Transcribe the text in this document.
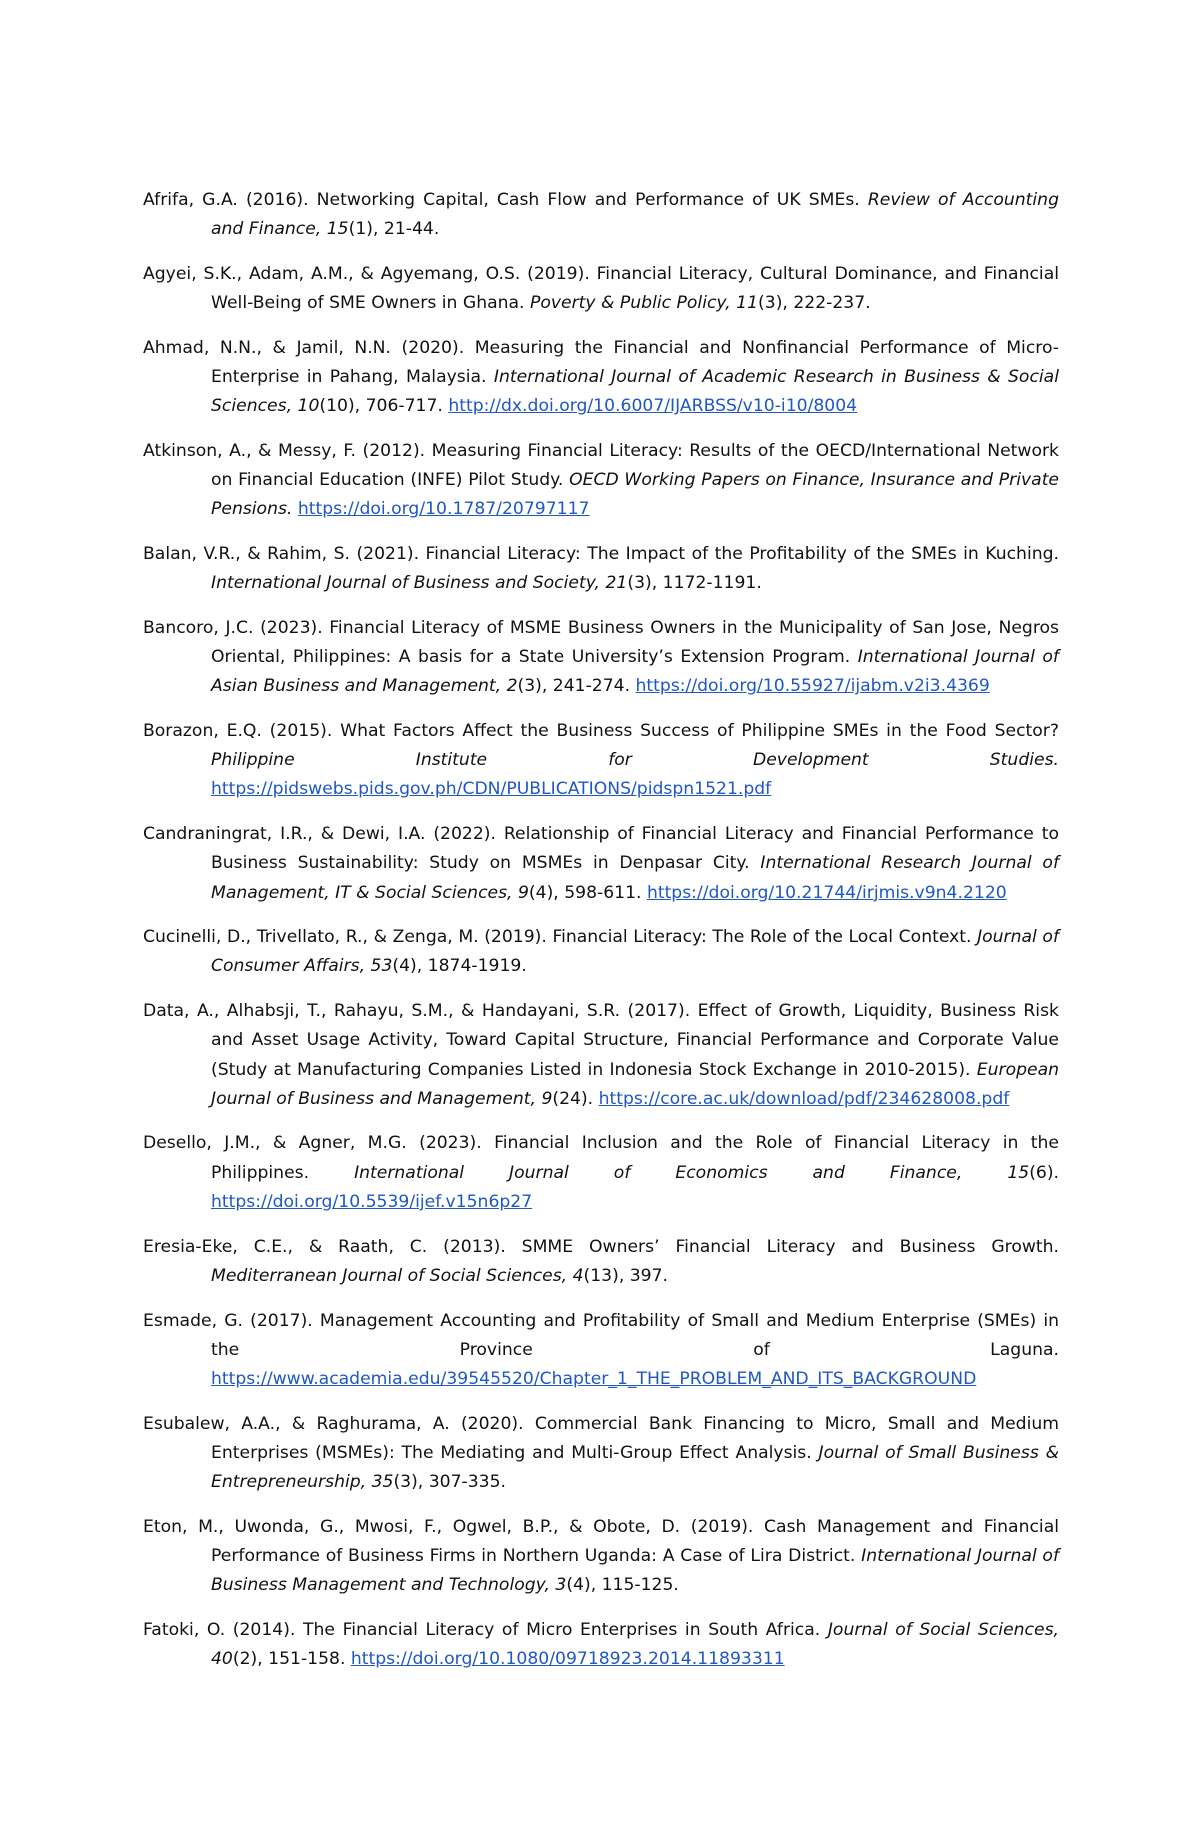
Afrifa, G.A. (2016). Networking Capital, Cash Flow and Performance of UK SMEs. Review of Accounting and Finance, 15(1), 21-44.

Agyei, S.K., Adam, A.M., & Agyemang, O.S. (2019). Financial Literacy, Cultural Dominance, and Financial Well-Being of SME Owners in Ghana. Poverty & Public Policy, 11(3), 222-237.

Ahmad, N.N., & Jamil, N.N. (2020). Measuring the Financial and Nonfinancial Performance of Micro-Enterprise in Pahang, Malaysia. International Journal of Academic Research in Business & Social Sciences, 10(10), 706-717. http://dx.doi.org/10.6007/IJARBSS/v10-i10/8004

Atkinson, A., & Messy, F. (2012). Measuring Financial Literacy: Results of the OECD/International Network on Financial Education (INFE) Pilot Study. OECD Working Papers on Finance, Insurance and Private Pensions. https://doi.org/10.1787/20797117

Balan, V.R., & Rahim, S. (2021). Financial Literacy: The Impact of the Profitability of the SMEs in Kuching. International Journal of Business and Society, 21(3), 1172-1191.

Bancoro, J.C. (2023). Financial Literacy of MSME Business Owners in the Municipality of San Jose, Negros Oriental, Philippines: A basis for a State University’s Extension Program. International Journal of Asian Business and Management, 2(3), 241-274. https://doi.org/10.55927/ijabm.v2i3.4369

Borazon, E.Q. (2015). What Factors Affect the Business Success of Philippine SMEs in the Food Sector? Philippine Institute for Development Studies. https://pidswebs.pids.gov.ph/CDN/PUBLICATIONS/pidspn1521.pdf

Candraningrat, I.R., & Dewi, I.A. (2022). Relationship of Financial Literacy and Financial Performance to Business Sustainability: Study on MSMEs in Denpasar City. International Research Journal of Management, IT & Social Sciences, 9(4), 598-611. https://doi.org/10.21744/irjmis.v9n4.2120

Cucinelli, D., Trivellato, R., & Zenga, M. (2019). Financial Literacy: The Role of the Local Context. Journal of Consumer Affairs, 53(4), 1874-1919.

Data, A., Alhabsji, T., Rahayu, S.M., & Handayani, S.R. (2017). Effect of Growth, Liquidity, Business Risk and Asset Usage Activity, Toward Capital Structure, Financial Performance and Corporate Value (Study at Manufacturing Companies Listed in Indonesia Stock Exchange in 2010-2015). European Journal of Business and Management, 9(24). https://core.ac.uk/download/pdf/234628008.pdf

Desello, J.M., & Agner, M.G. (2023). Financial Inclusion and the Role of Financial Literacy in the Philippines. International Journal of Economics and Finance, 15(6). https://doi.org/10.5539/ijef.v15n6p27

Eresia-Eke, C.E., & Raath, C. (2013). SMME Owners’ Financial Literacy and Business Growth. Mediterranean Journal of Social Sciences, 4(13), 397.

Esmade, G. (2017). Management Accounting and Profitability of Small and Medium Enterprise (SMEs) in the Province of Laguna. https://www.academia.edu/39545520/Chapter_1_THE_PROBLEM_AND_ITS_BACKGROUND

Esubalew, A.A., & Raghurama, A. (2020). Commercial Bank Financing to Micro, Small and Medium Enterprises (MSMEs): The Mediating and Multi-Group Effect Analysis. Journal of Small Business & Entrepreneurship, 35(3), 307-335.

Eton, M., Uwonda, G., Mwosi, F., Ogwel, B.P., & Obote, D. (2019). Cash Management and Financial Performance of Business Firms in Northern Uganda: A Case of Lira District. International Journal of Business Management and Technology, 3(4), 115-125.

Fatoki, O. (2014). The Financial Literacy of Micro Enterprises in South Africa. Journal of Social Sciences, 40(2), 151-158. https://doi.org/10.1080/09718923.2014.11893311
